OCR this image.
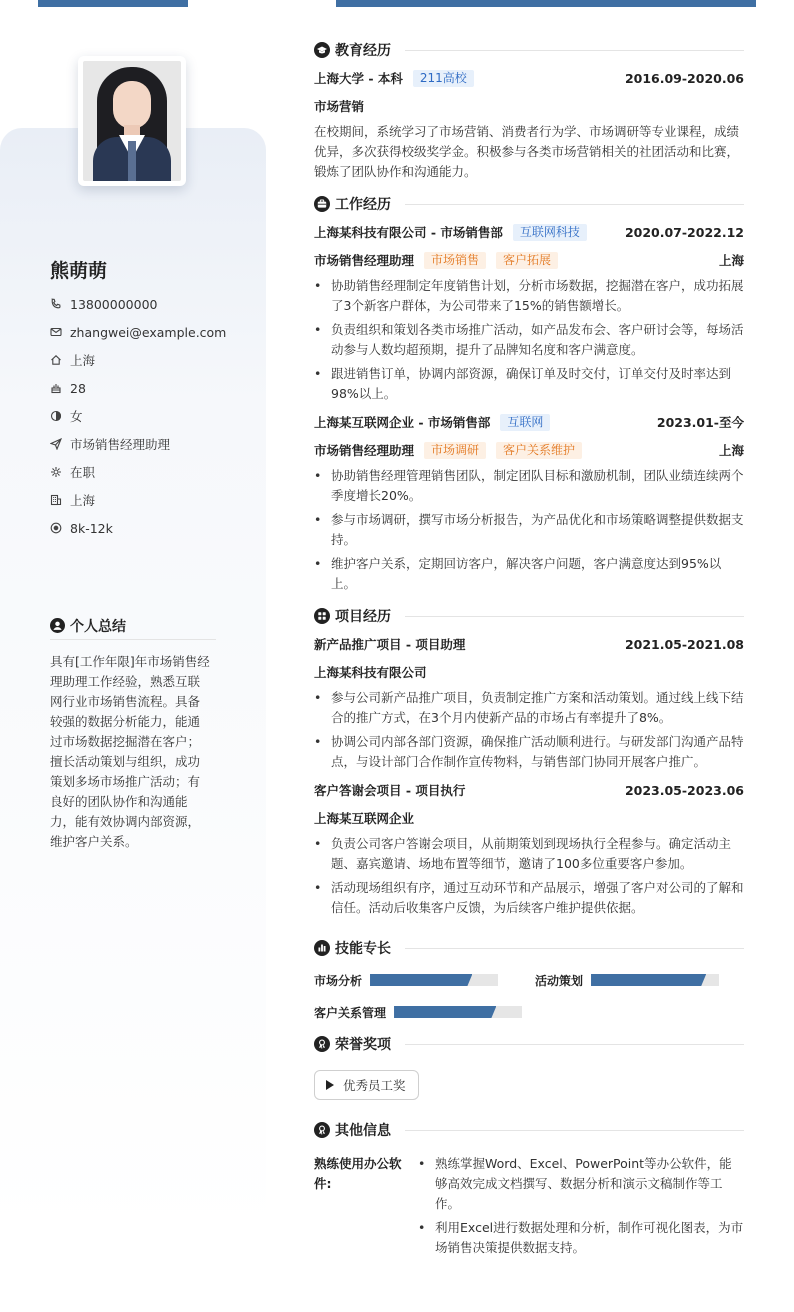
熊萌萌
13800000000
zhangwei@example.com
上海
28
女
市场销售经理助理
在职
上海
8k-12k
个人总结
具有[工作年限]年市场销售经理助理工作经验，熟悉互联网行业市场销售流程。具备较强的数据分析能力，能通过市场数据挖掘潜在客户；擅长活动策划与组织，成功策划多场市场推广活动；有良好的团队协作和沟通能力，能有效协调内部资源，维护客户关系。
教育经历
上海大学 - 本科	211高校	2016.09-2020.06
市场营销
在校期间，系统学习了市场营销、消费者行为学、市场调研等专业课程，成绩优异，多次获得校级奖学金。积极参与各类市场营销相关的社团活动和比赛，锻炼了团队协作和沟通能力。
工作经历
上海某科技有限公司 - 市场销售部	互联网科技	2020.07-2022.12
市场销售经理助理	市场销售	客户拓展	上海
• 协助销售经理制定年度销售计划，分析市场数据，挖掘潜在客户，成功拓展了3个新客户群体，为公司带来了15%的销售额增长。
• 负责组织和策划各类市场推广活动，如产品发布会、客户研讨会等，每场活动参与人数均超预期，提升了品牌知名度和客户满意度。
• 跟进销售订单，协调内部资源，确保订单及时交付，订单交付及时率达到98%以上。
上海某互联网企业 - 市场销售部	互联网	2023.01-至今
市场销售经理助理	市场调研	客户关系维护	上海
• 协助销售经理管理销售团队，制定团队目标和激励机制，团队业绩连续两个季度增长20%。
• 参与市场调研，撰写市场分析报告，为产品优化和市场策略调整提供数据支持。
• 维护客户关系，定期回访客户，解决客户问题，客户满意度达到95%以上。
项目经历
新产品推广项目 - 项目助理	2021.05-2021.08
上海某科技有限公司
• 参与公司新产品推广项目，负责制定推广方案和活动策划。通过线上线下结合的推广方式，在3个月内使新产品的市场占有率提升了8%。
• 协调公司内部各部门资源，确保推广活动顺利进行。与研发部门沟通产品特点，与设计部门合作制作宣传物料，与销售部门协同开展客户推广。
客户答谢会项目 - 项目执行	2023.05-2023.06
上海某互联网企业
• 负责公司客户答谢会项目，从前期策划到现场执行全程参与。确定活动主题、嘉宾邀请、场地布置等细节，邀请了100多位重要客户参加。
• 活动现场组织有序，通过互动环节和产品展示，增强了客户对公司的了解和信任。活动后收集客户反馈，为后续客户维护提供依据。
技能专长
市场分析	活动策划
客户关系管理
荣誉奖项
优秀员工奖
其他信息
熟练使用办公软件:
• 熟练掌握Word、Excel、PowerPoint等办公软件，能够高效完成文档撰写、数据分析和演示文稿制作等工作。
• 利用Excel进行数据处理和分析，制作可视化图表，为市场销售决策提供数据支持。
